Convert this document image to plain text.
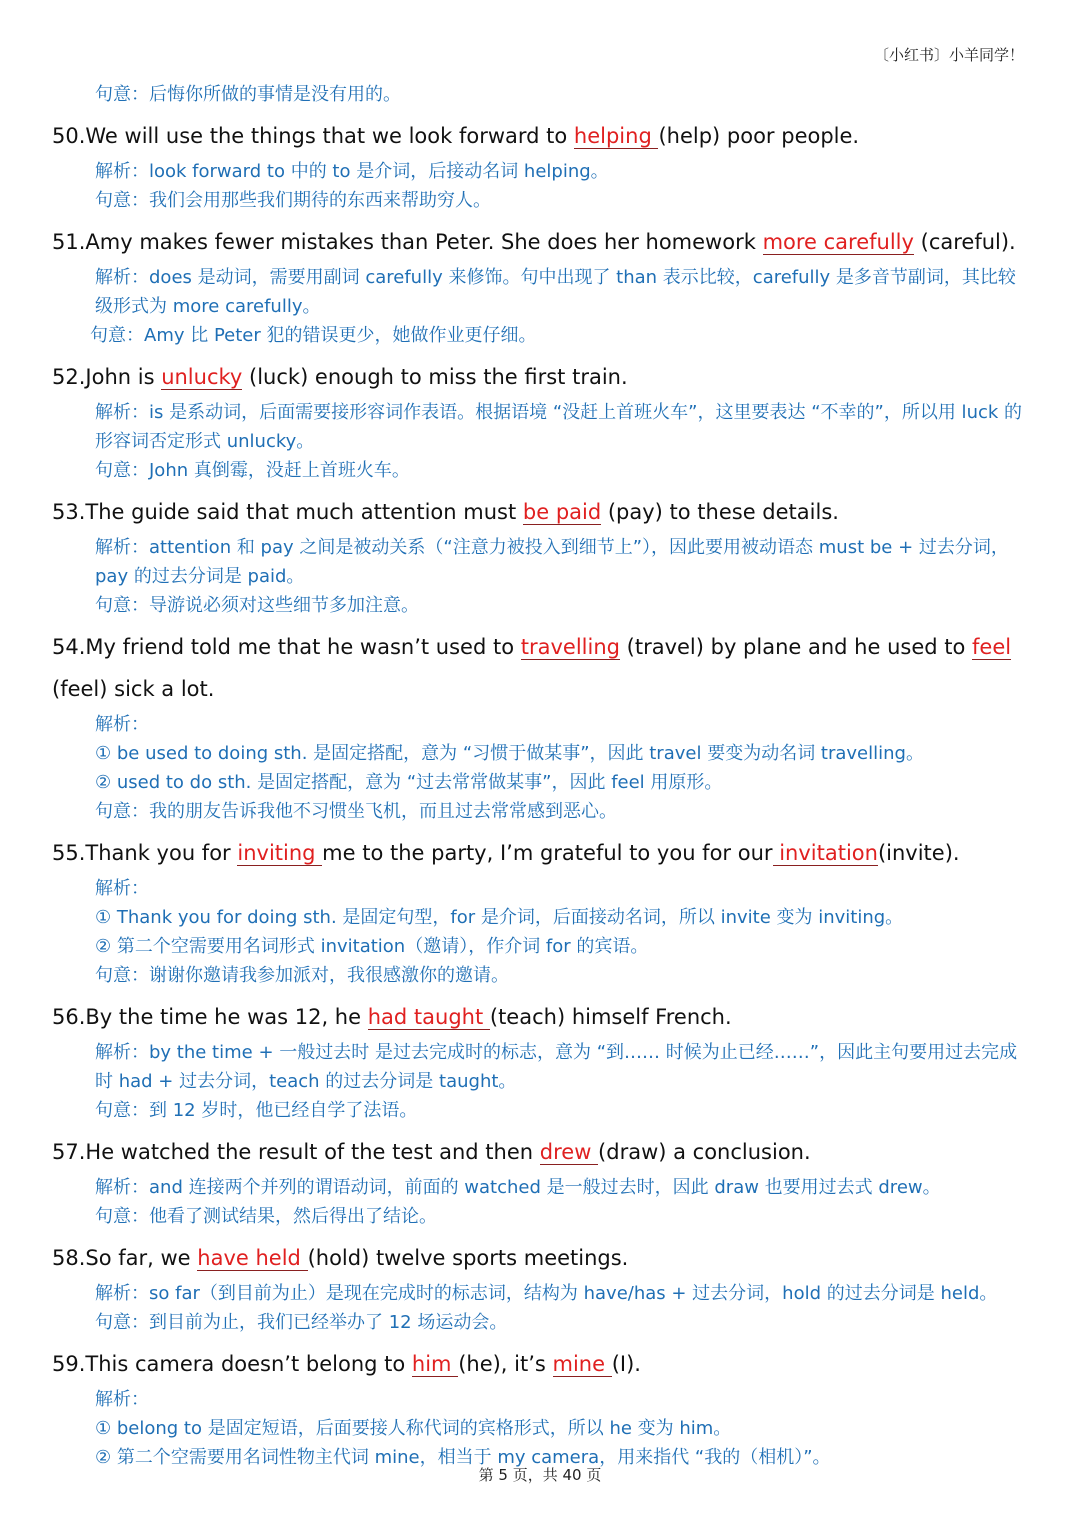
〔小红书〕小羊同学！
句意：后悔你所做的事情是没有用的。
50.We will use the things that we look forward to helping (help) poor people.
解析：look forward to 中的 to 是介词，后接动名词 helping。
句意：我们会用那些我们期待的东西来帮助穷人。
51.Amy makes fewer mistakes than Peter. She does her homework more carefully (careful).
解析：does 是动词，需要用副词 carefully 来修饰。句中出现了 than 表示比较，carefully 是多音节副词，其比较级形式为 more carefully。
句意：Amy 比 Peter 犯的错误更少，她做作业更仔细。
52.John is unlucky (luck) enough to miss the first train.
解析：is 是系动词，后面需要接形容词作表语。根据语境 “没赶上首班火车”，这里要表达 “不幸的”，所以用 luck 的形容词否定形式 unlucky。
句意：John 真倒霉，没赶上首班火车。
53.The guide said that much attention must be paid (pay) to these details.
解析：attention 和 pay 之间是被动关系（“注意力被投入到细节上”），因此要用被动语态 must be + 过去分词，pay 的过去分词是 paid。
句意：导游说必须对这些细节多加注意。
54.My friend told me that he wasn’t used to travelling (travel) by plane and he used to feel (feel) sick a lot.
解析：
① be used to doing sth. 是固定搭配，意为 “习惯于做某事”，因此 travel 要变为动名词 travelling。
② used to do sth. 是固定搭配，意为 “过去常常做某事”，因此 feel 用原形。
句意：我的朋友告诉我他不习惯坐飞机，而且过去常常感到恶心。
55.Thank you for inviting me to the party, I’m grateful to you for our invitation(invite).
解析：
① Thank you for doing sth. 是固定句型，for 是介词，后面接动名词，所以 invite 变为 inviting。
② 第二个空需要用名词形式 invitation（邀请），作介词 for 的宾语。
句意：谢谢你邀请我参加派对，我很感激你的邀请。
56.By the time he was 12, he had taught (teach) himself French.
解析：by the time + 一般过去时 是过去完成时的标志，意为 “到…… 时候为止已经……”，因此主句要用过去完成时 had + 过去分词，teach 的过去分词是 taught。
句意：到 12 岁时，他已经自学了法语。
57.He watched the result of the test and then drew (draw) a conclusion.
解析：and 连接两个并列的谓语动词，前面的 watched 是一般过去时，因此 draw 也要用过去式 drew。
句意：他看了测试结果，然后得出了结论。
58.So far, we have held (hold) twelve sports meetings.
解析：so far（到目前为止）是现在完成时的标志词，结构为 have/has + 过去分词，hold 的过去分词是 held。
句意：到目前为止，我们已经举办了 12 场运动会。
59.This camera doesn’t belong to him (he), it’s mine (I).
解析：
① belong to 是固定短语，后面要接人称代词的宾格形式，所以 he 变为 him。
② 第二个空需要用名词性物主代词 mine，相当于 my camera，用来指代 “我的（相机）”。
第 5 页，共 40 页
